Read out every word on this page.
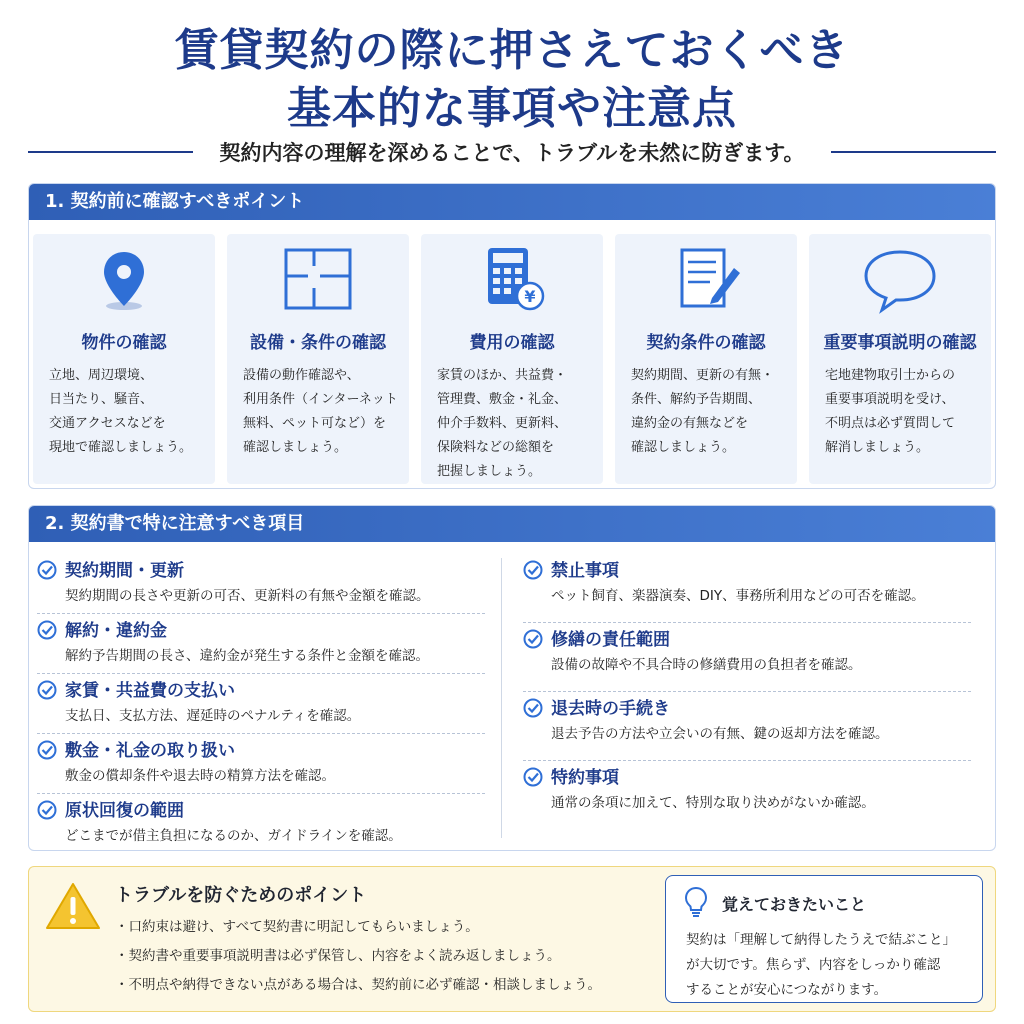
賃貸契約の際に押さえておくべき
基本的な事項や注意点
契約内容の理解を深めることで、トラブルを未然に防ぎます。
1. 契約前に確認すべきポイント
物件の確認
立地、周辺環境、
日当たり、騒音、
交通アクセスなどを
現地で確認しましょう。
設備・条件の確認
設備の動作確認や、
利用条件（インターネット
無料、ペット可など）を
確認しましょう。
¥
費用の確認
家賃のほか、共益費・
管理費、敷金・礼金、
仲介手数料、更新料、
保険料などの総額を
把握しましょう。
契約条件の確認
契約期間、更新の有無・
条件、解約予告期間、
違約金の有無などを
確認しましょう。
重要事項説明の確認
宅地建物取引士からの
重要事項説明を受け、
不明点は必ず質問して
解消しましょう。
2. 契約書で特に注意すべき項目
契約期間・更新
契約期間の長さや更新の可否、更新料の有無や金額を確認。
解約・違約金
解約予告期間の長さ、違約金が発生する条件と金額を確認。
家賃・共益費の支払い
支払日、支払方法、遅延時のペナルティを確認。
敷金・礼金の取り扱い
敷金の償却条件や退去時の精算方法を確認。
原状回復の範囲
どこまでが借主負担になるのか、ガイドラインを確認。
禁止事項
ペット飼育、楽器演奏、DIY、事務所利用などの可否を確認。
修繕の責任範囲
設備の故障や不具合時の修繕費用の負担者を確認。
退去時の手続き
退去予告の方法や立会いの有無、鍵の返却方法を確認。
特約事項
通常の条項に加えて、特別な取り決めがないか確認。
トラブルを防ぐためのポイント
・ 口約束は避け、すべて契約書に明記してもらいましょう。
・ 契約書や重要事項説明書は必ず保管し、内容をよく読み返しましょう。
・ 不明点や納得できない点がある場合は、契約前に必ず確認・相談しましょう。
覚えておきたいこと
契約は「理解して納得したうえで結ぶこと」
が大切です。焦らず、内容をしっかり確認
することが安心につながります。
